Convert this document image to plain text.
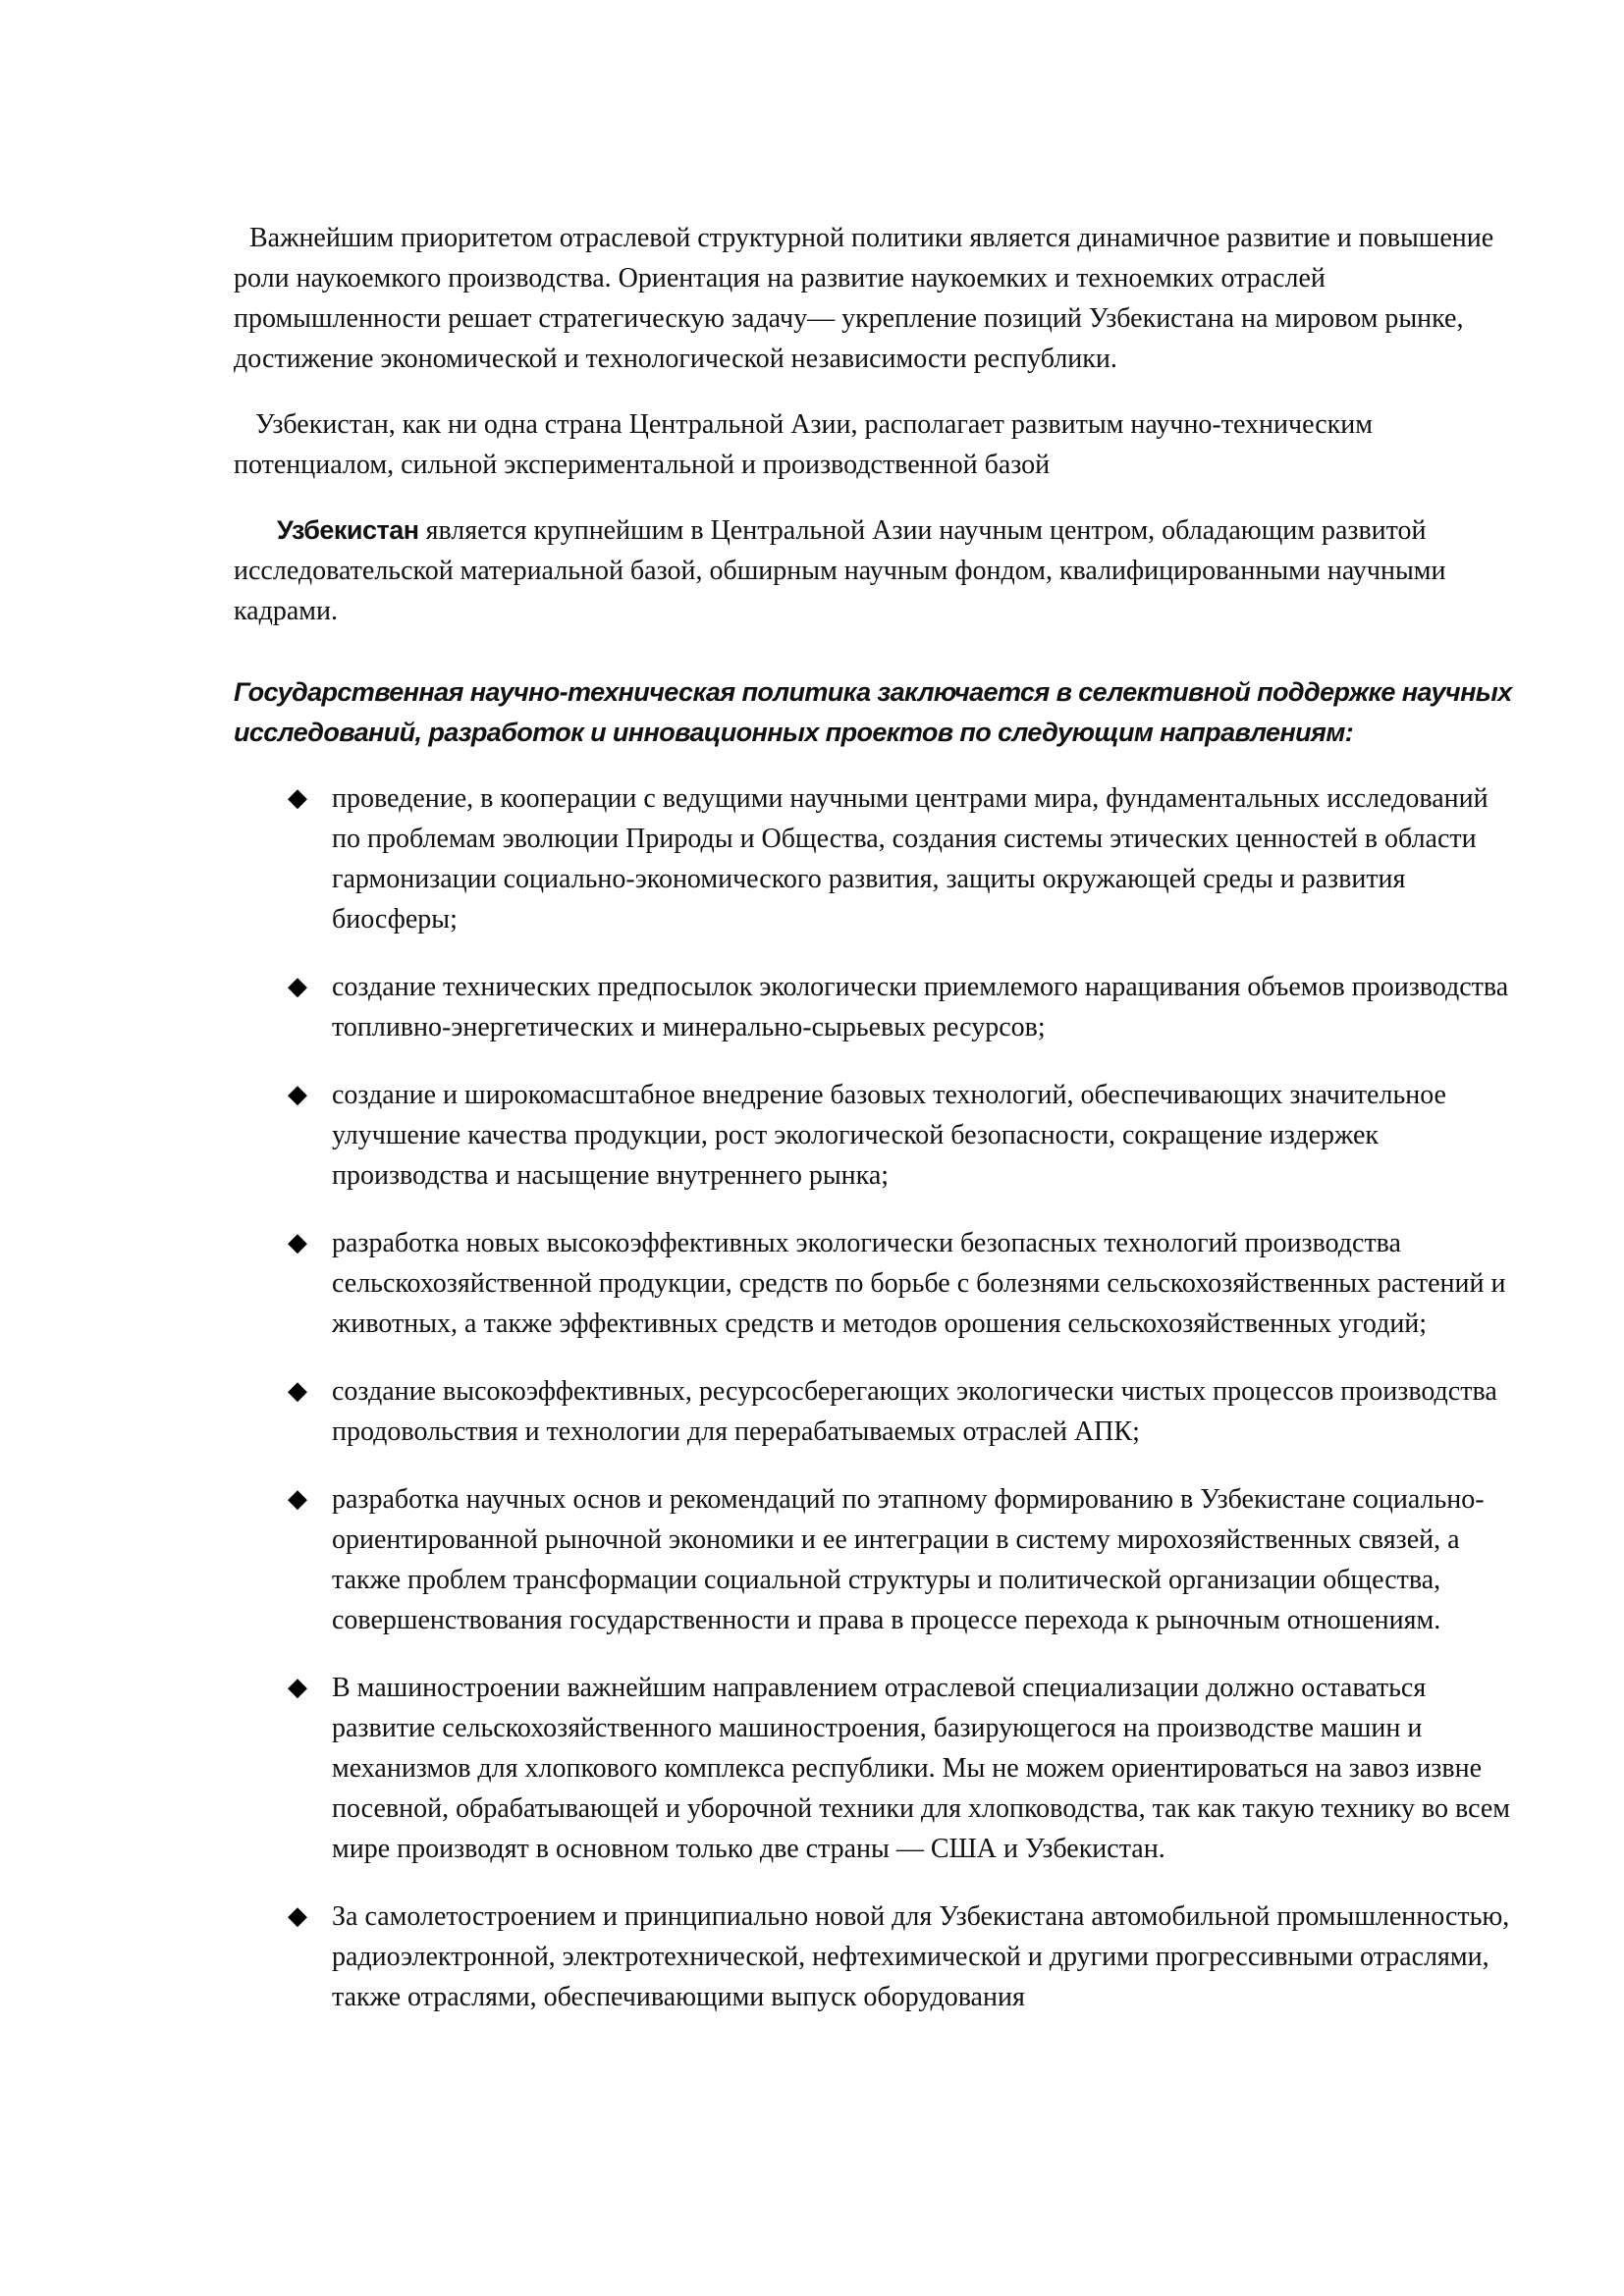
Важнейшим приоритетом отраслевой структурной политики является динамичное развитие и повышение роли наукоемкого производства. Ориентация на развитие наукоемких и техноемких отраслей промышленности решает стратегическую задачу— укрепление позиций Узбекистана на мировом рынке, достижение экономической и технологической независимости республики.

Узбекистан, как ни одна страна Центральной Азии, располагает развитым научно-техническим потенциалом, сильной экспериментальной и производственной базой

Узбекистан является крупнейшим в Центральной Азии научным центром, обладающим развитой исследовательской материальной базой, обширным научным фондом, квалифицированными научными кадрами.

Государственная научно-техническая политика заключается в селективной поддержке научных исследований, разработок и инновационных проектов по следующим направлениям:

◆ проведение, в кооперации с ведущими научными центрами мира, фундаментальных исследований по проблемам эволюции Природы и Общества, создания системы этических ценностей в области гармонизации социально-экономического развития, защиты окружающей среды и развития биосферы;
◆ создание технических предпосылок экологически приемлемого наращивания объемов производства топливно-энергетических и минерально-сырьевых ресурсов;
◆ создание и широкомасштабное внедрение базовых технологий, обеспечивающих значительное улучшение качества продукции, рост экологической безопасности, сокращение издержек производства и насыщение внутреннего рынка;
◆ разработка новых высокоэффективных экологически безопасных технологий производства сельскохозяйственной продукции, средств по борьбе с болезнями сельскохозяйственных растений и животных, а также эффективных средств и методов орошения сельскохозяйственных угодий;
◆ создание высокоэффективных, ресурсосберегающих экологически чистых процессов производства продовольствия и технологии для перерабатываемых отраслей АПК;
◆ разработка научных основ и рекомендаций по этапному формированию в Узбекистане социально-ориентированной рыночной экономики и ее интеграции в систему мирохозяйственных связей, а также проблем трансформации социальной структуры и политической организации общества, совершенствования государственности и права в процессе перехода к рыночным отношениям.
◆ В машиностроении важнейшим направлением отраслевой специализации должно оставаться развитие сельскохозяйственного машиностроения, базирующегося на производстве машин и механизмов для хлопкового комплекса республики. Мы не можем ориентироваться на завоз извне посевной, обрабатывающей и уборочной техники для хлопководства, так как такую технику во всем мире производят в основном только две страны — США и Узбекистан.
◆ За самолетостроением и принципиально новой для Узбекистана автомобильной промышленностью, радиоэлектронной, электротехнической, нефтехимической и другими прогрессивными отраслями, также отраслями, обеспечивающими выпуск оборудования
